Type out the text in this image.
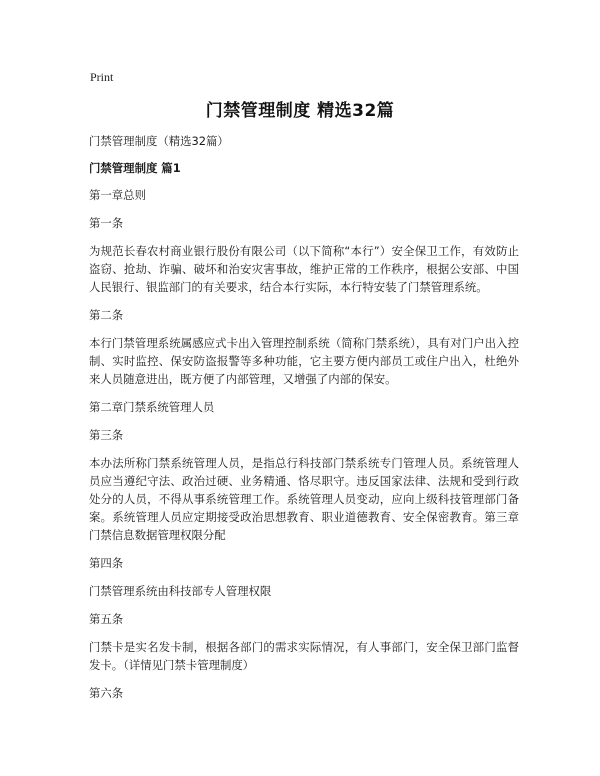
Print
门禁管理制度 精选32篇

门禁管理制度（精选32篇）

门禁管理制度 篇1

第一章总则

第一条

为规范长春农村商业银行股份有限公司（以下简称“本行”）安全保卫工作，有效防止盗窃、抢劫、诈骗、破坏和治安灾害事故，维护正常的工作秩序，根据公安部、中国人民银行、银监部门的有关要求，结合本行实际，本行特安装了门禁管理系统。

第二条

本行门禁管理系统属感应式卡出入管理控制系统（简称门禁系统），具有对门户出入控制、实时监控、保安防盗报警等多种功能，它主要方便内部员工或住户出入，杜绝外来人员随意进出，既方便了内部管理，又增强了内部的保安。

第二章门禁系统管理人员

第三条

本办法所称门禁系统管理人员，是指总行科技部门禁系统专门管理人员。系统管理人员应当遵纪守法、政治过硬、业务精通、恪尽职守。违反国家法律、法规和受到行政处分的人员，不得从事系统管理工作。系统管理人员变动，应向上级科技管理部门备案。系统管理人员应定期接受政治思想教育、职业道德教育、安全保密教育。第三章门禁信息数据管理权限分配

第四条

门禁管理系统由科技部专人管理权限

第五条

门禁卡是实名发卡制，根据各部门的需求实际情况，有人事部门，安全保卫部门监督发卡。（详情见门禁卡管理制度）

第六条
